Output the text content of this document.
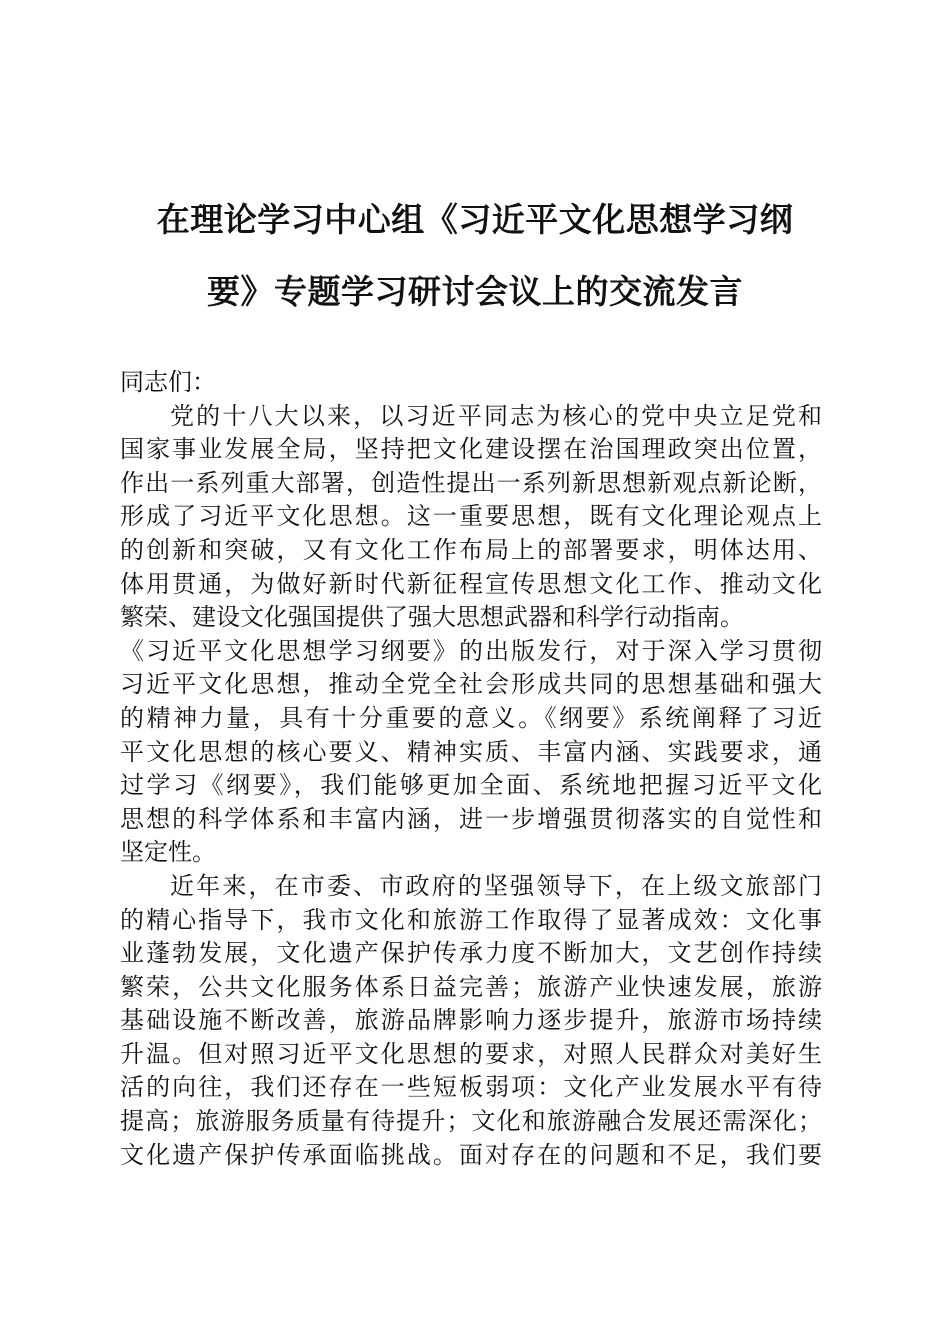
在理论学习中心组《习近平文化思想学习纲
要》专题学习研讨会议上的交流发言
同志们：
党的十八大以来，以习近平同志为核心的党中央立足党和
国家事业发展全局，坚持把文化建设摆在治国理政突出位置，
作出一系列重大部署，创造性提出一系列新思想新观点新论断，
形成了习近平文化思想。这一重要思想，既有文化理论观点上
的创新和突破，又有文化工作布局上的部署要求，明体达用、
体用贯通，为做好新时代新征程宣传思想文化工作、推动文化
繁荣、建设文化强国提供了强大思想武器和科学行动指南。
《习近平文化思想学习纲要》的出版发行，对于深入学习贯彻
习近平文化思想，推动全党全社会形成共同的思想基础和强大
的精神力量，具有十分重要的意义。《纲要》系统阐释了习近
平文化思想的核心要义、精神实质、丰富内涵、实践要求，通
过学习《纲要》，我们能够更加全面、系统地把握习近平文化
思想的科学体系和丰富内涵，进一步增强贯彻落实的自觉性和
坚定性。
近年来，在市委、市政府的坚强领导下，在上级文旅部门
的精心指导下，我市文化和旅游工作取得了显著成效：文化事
业蓬勃发展，文化遗产保护传承力度不断加大，文艺创作持续
繁荣，公共文化服务体系日益完善；旅游产业快速发展，旅游
基础设施不断改善，旅游品牌影响力逐步提升，旅游市场持续
升温。但对照习近平文化思想的要求，对照人民群众对美好生
活的向往，我们还存在一些短板弱项：文化产业发展水平有待
提高；旅游服务质量有待提升；文化和旅游融合发展还需深化；
文化遗产保护传承面临挑战。面对存在的问题和不足，我们要
